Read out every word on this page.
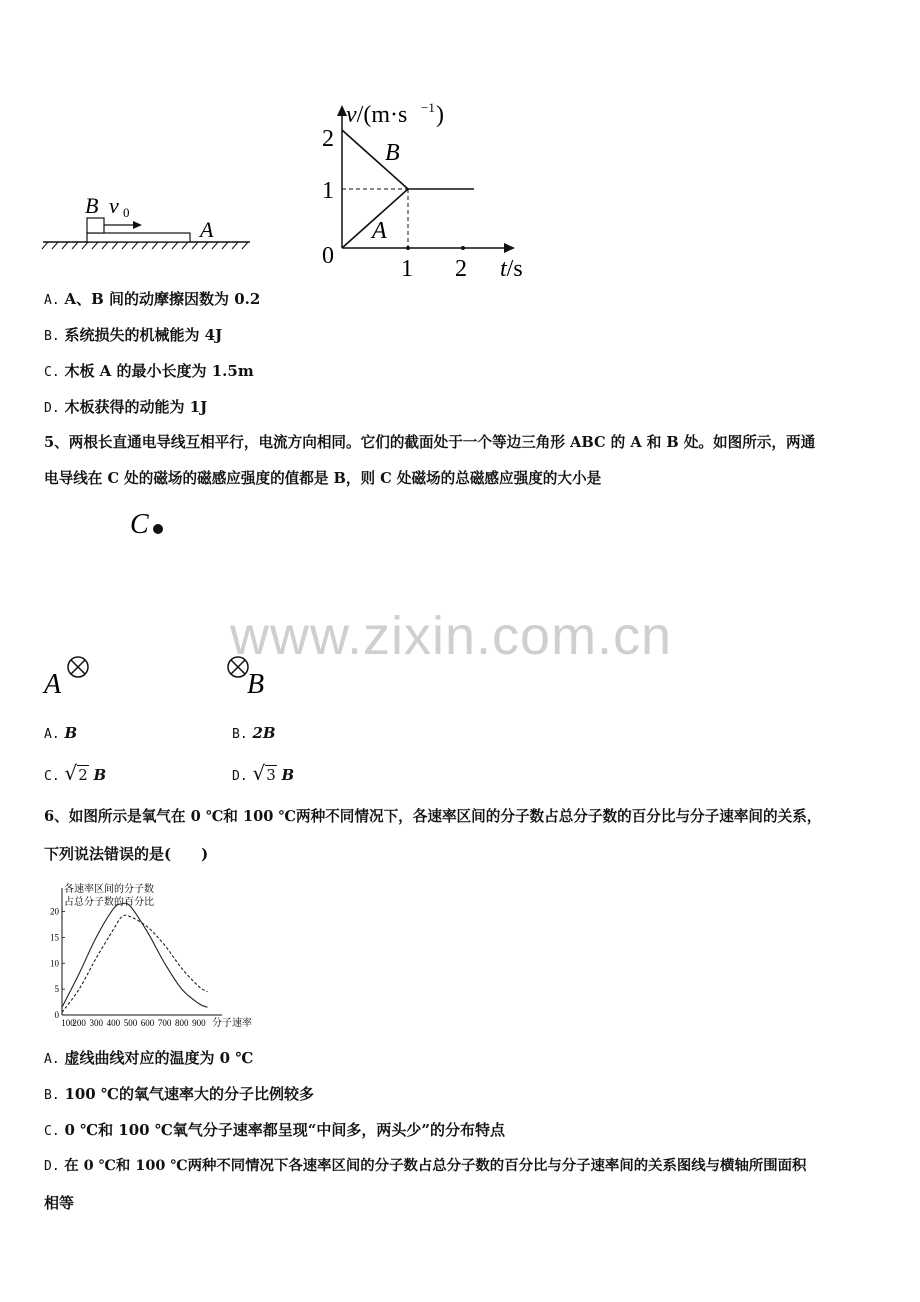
B v 0
A
v/(m·s −1 )
2
1
0	1 2 t/s
B
A
A. A、B 间的动摩擦因数为 0.2
B. 系统损失的机械能为 4J
C. 木板 A 的最小长度为 1.5m
D. 木板获得的动能为 1J
5、两根长直通电导线互相平行，电流方向相同。它们的截面处于一个等边三角形 ABC 的 A 和 B 处。如图所示，两通
电导线在 C 处的磁场的磁感应强度的值都是 B，则 C 处磁场的总磁感应强度的大小是
C
A	B
www.zixin.com.cn
A. B	B. 2B
C. √2 B	D. √3 B
6、如图所示是氧气在 0 ℃和 100 ℃两种不同情况下，各速率区间的分子数占总分子数的百分比与分子速率间的关系，
下列说法错误的是(　　)
各速率区间的分子数
占总分子数的百分比
0
5
10
15
20
100
200 300 400 500 600 700 800 900 分子速率
A. 虚线曲线对应的温度为 0 ℃
B. 100 ℃的氧气速率大的分子比例较多
C. 0 ℃和 100 ℃氧气分子速率都呈现“中间多，两头少”的分布特点
D. 在 0 ℃和 100 ℃两种不同情况下各速率区间的分子数占总分子数的百分比与分子速率间的关系图线与横轴所围面积
相等
